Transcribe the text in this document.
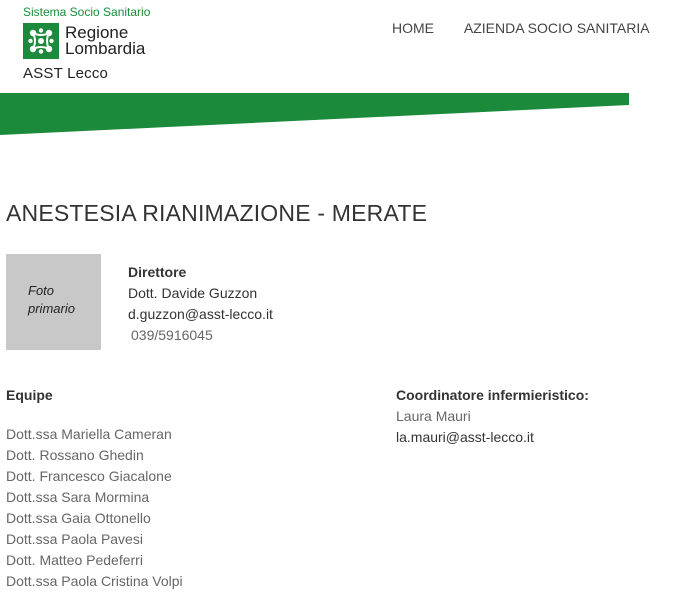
Sistema Socio Sanitario
Regione
Lombardia
ASST Lecco
HOME AZIENDA SOCIO SANITARIA
ANESTESIA RIANIMAZIONE - MERATE
Foto
primario
Direttore
Dott. Davide Guzzon
d.guzzon@asst-lecco.it
039/5916045
Equipe
Dott.ssa Mariella Cameran
Dott. Rossano Ghedin
Dott. Francesco Giacalone
Dott.ssa Sara Mormina
Dott.ssa Gaia Ottonello
Dott.ssa Paola Pavesi
Dott. Matteo Pedeferri
Dott.ssa Paola Cristina Volpi
Coordinatore infermieristico:
Laura Mauri
la.mauri@asst-lecco.it
